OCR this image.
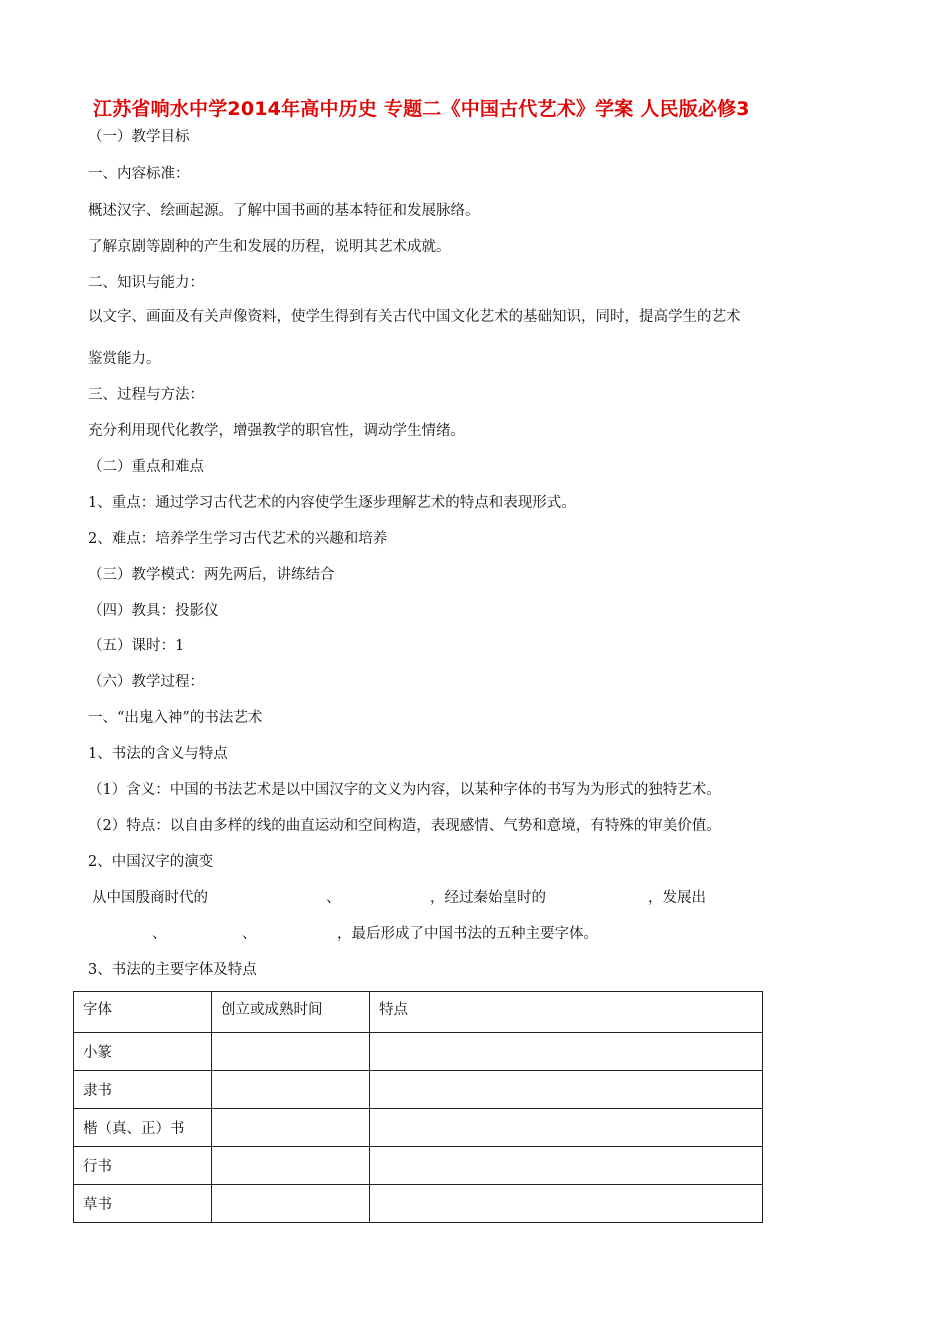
江苏省响水中学2014年高中历史 专题二《中国古代艺术》学案 人民版必修3
（一）教学目标
一、内容标准：
概述汉字、绘画起源。了解中国书画的基本特征和发展脉络。
了解京剧等剧种的产生和发展的历程，说明其艺术成就。
二、知识与能力：
以文字、画面及有关声像资料，使学生得到有关古代中国文化艺术的基础知识，同时，提高学生的艺术
鉴赏能力。
三、过程与方法：
充分利用现代化教学，增强教学的职官性，调动学生情绪。
（二）重点和难点
1、重点：通过学习古代艺术的内容使学生逐步理解艺术的特点和表现形式。
2、难点：培养学生学习古代艺术的兴趣和培养
（三）教学模式：两先两后，讲练结合
（四）教具：投影仪
（五）课时：1
（六）教学过程：
一、“出鬼入神”的书法艺术
1、书法的含义与特点
（1）含义：中国的书法艺术是以中国汉字的文义为内容，以某种字体的书写为为形式的独特艺术。
（2）特点：以自由多样的线的曲直运动和空间构造，表现感情、气势和意境，有特殊的审美价值。
2、中国汉字的演变
从中国殷商时代的	、	，经过秦始皇时的	，发展出
、	、	，最后形成了中国书法的五种主要字体。
3、书法的主要字体及特点
字体	创立或成熟时间	特点
小篆		
隶书		
楷（真、正）书		
行书		
草书		
